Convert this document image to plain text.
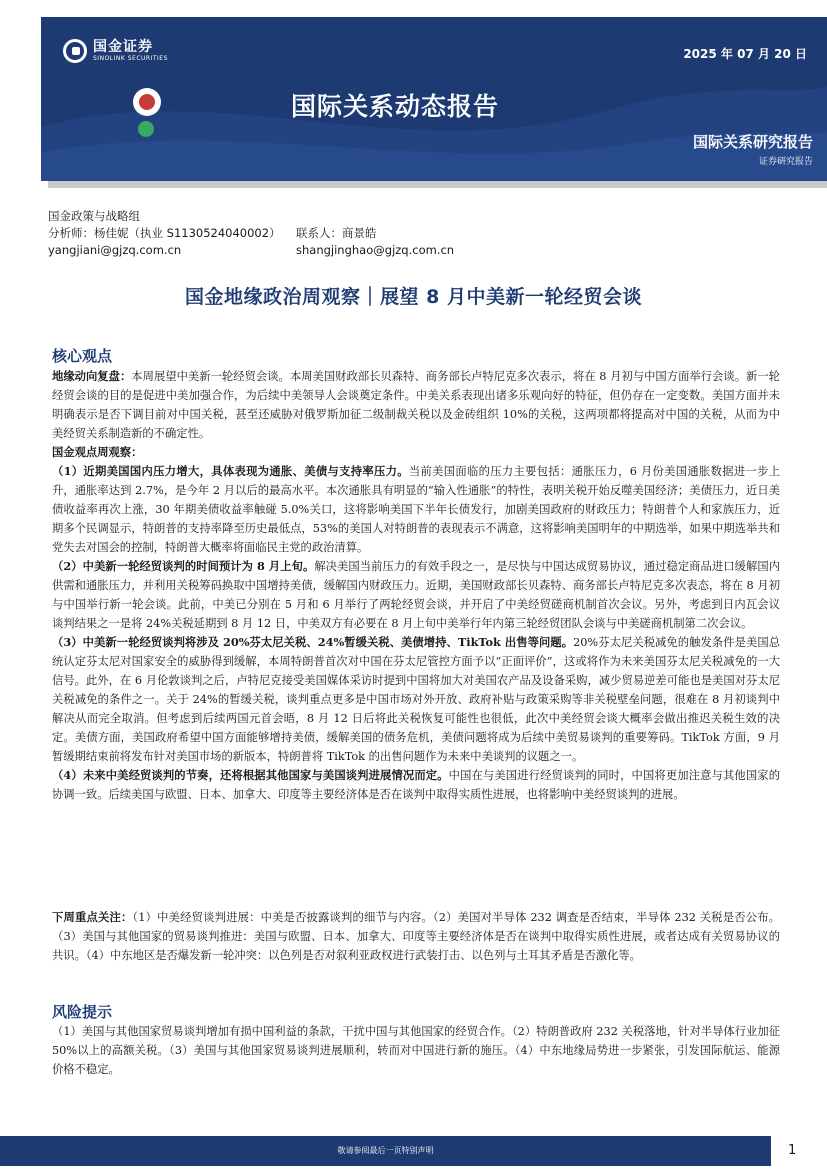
国金证券
SINOLINK SECURITIES	2025 年 07 月 20 日
国际关系动态报告
国际关系研究报告
证券研究报告
国金政策与战略组
分析师：杨佳妮（执业 S1130524040002） 联系人：商景皓
yangjiani@gjzq.com.cn	shangjinghao@gjzq.com.cn
国金地缘政治周观察｜展望 8 月中美新一轮经贸会谈
核心观点

地缘动向复盘：本周展望中美新一轮经贸会谈。本周美国财政部长贝森特、商务部长卢特尼克多次表示，将在 8 月初与中国方面举行会谈。新一轮经贸会谈的目的是促进中美加强合作，为后续中美领导人会谈奠定条件。中美关系表现出诸多乐观向好的特征，但仍存在一定变数。美国方面并未明确表示是否下调目前对中国关税，甚至还威胁对俄罗斯加征二级制裁关税以及金砖组织 10%的关税，这两项都将提高对中国的关税，从而为中美经贸关系制造新的不确定性。

国金观点周观察：

（1）近期美国国内压力增大，具体表现为通胀、美债与支持率压力。当前美国面临的压力主要包括：通胀压力，6 月份美国通胀数据进一步上升，通胀率达到 2.7%，是今年 2 月以后的最高水平。本次通胀具有明显的“输入性通胀”的特性，表明关税开始反噬美国经济；美债压力，近日美债收益率再次上涨，30 年期美债收益率触碰 5.0%关口，这将影响美国下半年长债发行，加剧美国政府的财政压力；特朗普个人和家族压力，近期多个民调显示，特朗普的支持率降至历史最低点，53%的美国人对特朗普的表现表示不满意，这将影响美国明年的中期选举，如果中期选举共和党失去对国会的控制，特朗普大概率将面临民主党的政治清算。

（2）中美新一轮经贸谈判的时间预计为 8 月上旬。解决美国当前压力的有效手段之一，是尽快与中国达成贸易协议，通过稳定商品进口缓解国内供需和通胀压力，并利用关税筹码换取中国增持美债，缓解国内财政压力。近期，美国财政部长贝森特、商务部长卢特尼克多次表态，将在 8 月初与中国举行新一轮会谈。此前，中美已分别在 5 月和 6 月举行了两轮经贸会谈，并开启了中美经贸磋商机制首次会议。另外，考虑到日内瓦会议谈判结果之一是将 24%关税延期到 8 月 12 日，中美双方有必要在 8 月上旬中美举行年内第三轮经贸团队会谈与中美磋商机制第二次会议。

（3）中美新一轮经贸谈判将涉及 20%芬太尼关税、24%暂缓关税、美债增持、TikTok 出售等问题。20%芬太尼关税减免的触发条件是美国总统认定芬太尼对国家安全的威胁得到缓解，本周特朗普首次对中国在芬太尼管控方面予以“正面评价”，这或将作为未来美国芬太尼关税减免的一大信号。此外，在 6 月伦敦谈判之后，卢特尼克接受美国媒体采访时提到中国将加大对美国农产品及设备采购，减少贸易逆差可能也是美国对芬太尼关税减免的条件之一。关于 24%的暂缓关税，谈判重点更多是中国市场对外开放、政府补贴与政策采购等非关税壁垒问题，很难在 8 月初谈判中解决从而完全取消。但考虑到后续两国元首会晤，8 月 12 日后将此关税恢复可能性也很低，此次中美经贸会谈大概率会做出推迟关税生效的决定。美债方面，美国政府希望中国方面能够增持美债，缓解美国的债务危机，美债问题将成为后续中美贸易谈判的重要筹码。TikTok 方面，9 月暂缓期结束前将发布针对美国市场的新版本，特朗普将 TikTok 的出售问题作为未来中美谈判的议题之一。

（4）未来中美经贸谈判的节奏，还将根据其他国家与美国谈判进展情况而定。中国在与美国进行经贸谈判的同时，中国将更加注意与其他国家的协调一致。后续美国与欧盟、日本、加拿大、印度等主要经济体是否在谈判中取得实质性进展，也将影响中美经贸谈判的进展。

下周重点关注：（1）中美经贸谈判进展：中美是否披露谈判的细节与内容。（2）美国对半导体 232 调查是否结束，半导体 232 关税是否公布。（3）美国与其他国家的贸易谈判推进：美国与欧盟、日本、加拿大、印度等主要经济体是否在谈判中取得实质性进展，或者达成有关贸易协议的共识。（4）中东地区是否爆发新一轮冲突：以色列是否对叙利亚政权进行武装打击、以色列与土耳其矛盾是否激化等。

风险提示

（1）美国与其他国家贸易谈判增加有损中国利益的条款，干扰中国与其他国家的经贸合作。（2）特朗普政府 232 关税落地，针对半导体行业加征 50%以上的高额关税。（3）美国与其他国家贸易谈判进展顺利，转而对中国进行新的施压。（4）中东地缘局势进一步紧张，引发国际航运、能源价格不稳定。

敬请参阅最后一页特别声明	1
